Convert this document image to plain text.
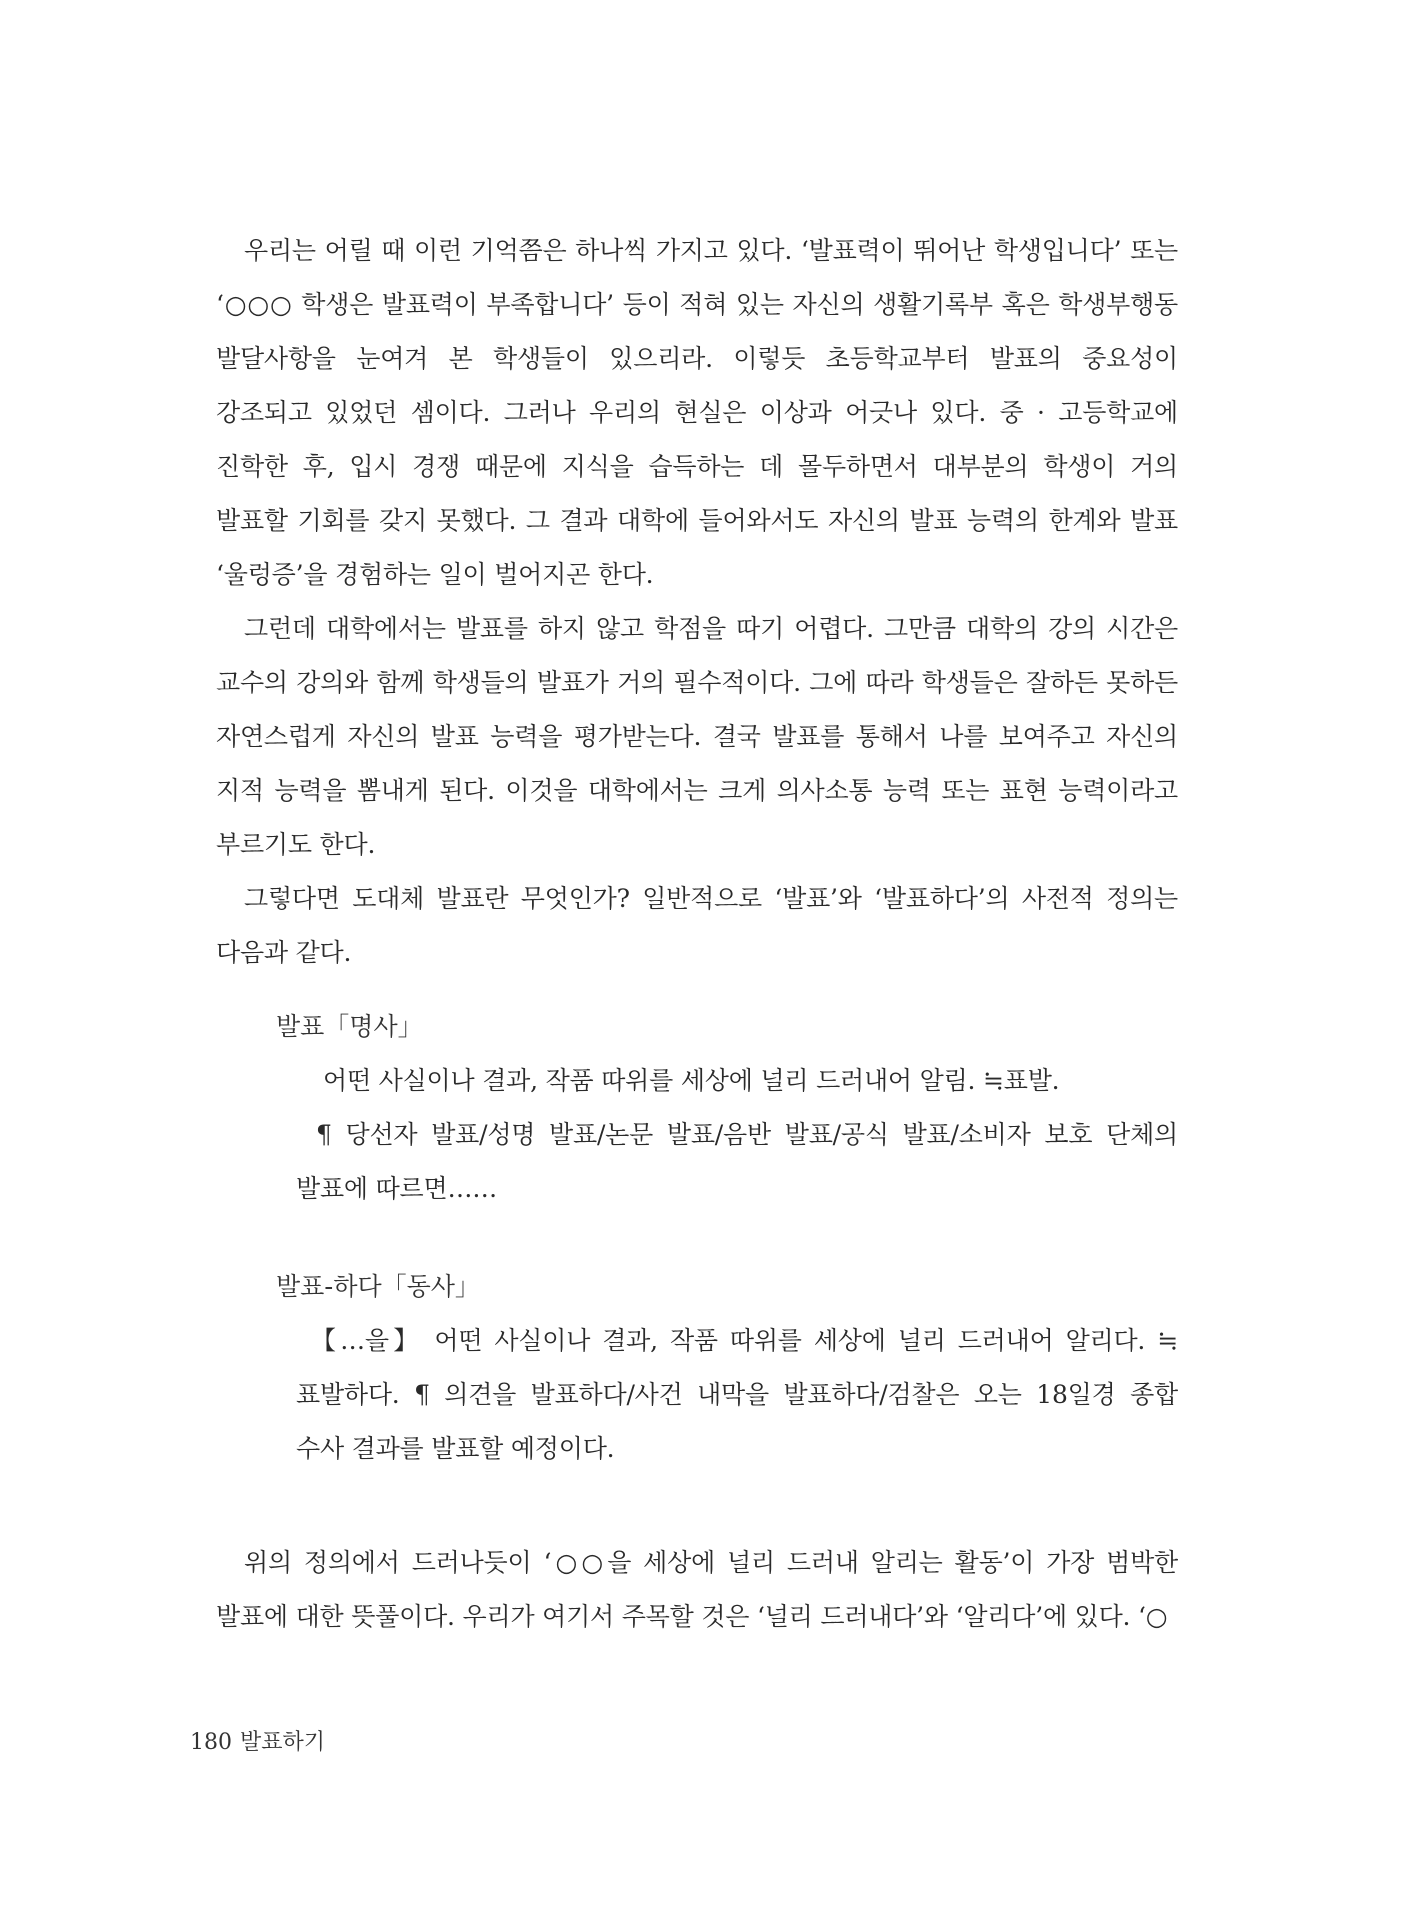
우리는 어릴 때 이런 기억쯤은 하나씩 가지고 있다. ‘발표력이 뛰어난 학생입니다’ 또는 ‘○○○ 학생은 발표력이 부족합니다’ 등이 적혀 있는 자신의 생활기록부 혹은 학생부행동 발달사항을 눈여겨 본 학생들이 있으리라. 이렇듯 초등학교부터 발표의 중요성이 강조되고 있었던 셈이다. 그러나 우리의 현실은 이상과 어긋나 있다. 중 · 고등학교에 진학한 후, 입시 경쟁 때문에 지식을 습득하는 데 몰두하면서 대부분의 학생이 거의 발표할 기회를 갖지 못했다. 그 결과 대학에 들어와서도 자신의 발표 능력의 한계와 발표 ‘울렁증’을 경험하는 일이 벌어지곤 한다.

그런데 대학에서는 발표를 하지 않고 학점을 따기 어렵다. 그만큼 대학의 강의 시간은 교수의 강의와 함께 학생들의 발표가 거의 필수적이다. 그에 따라 학생들은 잘하든 못하든 자연스럽게 자신의 발표 능력을 평가받는다. 결국 발표를 통해서 나를 보여주고 자신의 지적 능력을 뽐내게 된다. 이것을 대학에서는 크게 의사소통 능력 또는 표현 능력이라고 부르기도 한다.

그렇다면 도대체 발표란 무엇인가? 일반적으로 ‘발표’와 ‘발표하다’의 사전적 정의는 다음과 같다.

발표「명사」

어떤 사실이나 결과, 작품 따위를 세상에 널리 드러내어 알림. ≒표발.

¶ 당선자 발표/성명 발표/논문 발표/음반 발표/공식 발표/소비자 보호 단체의 발표에 따르면……

발표-하다「동사」

【…을】 어떤 사실이나 결과, 작품 따위를 세상에 널리 드러내어 알리다. ≒표발하다. ¶ 의견을 발표하다/사건 내막을 발표하다/검찰은 오는 18일경 종합 수사 결과를 발표할 예정이다.

위의 정의에서 드러나듯이 ‘○○을 세상에 널리 드러내 알리는 활동’이 가장 범박한 발표에 대한 뜻풀이다. 우리가 여기서 주목할 것은 ‘널리 드러내다’와 ‘알리다’에 있다. ‘○

180 발표하기
